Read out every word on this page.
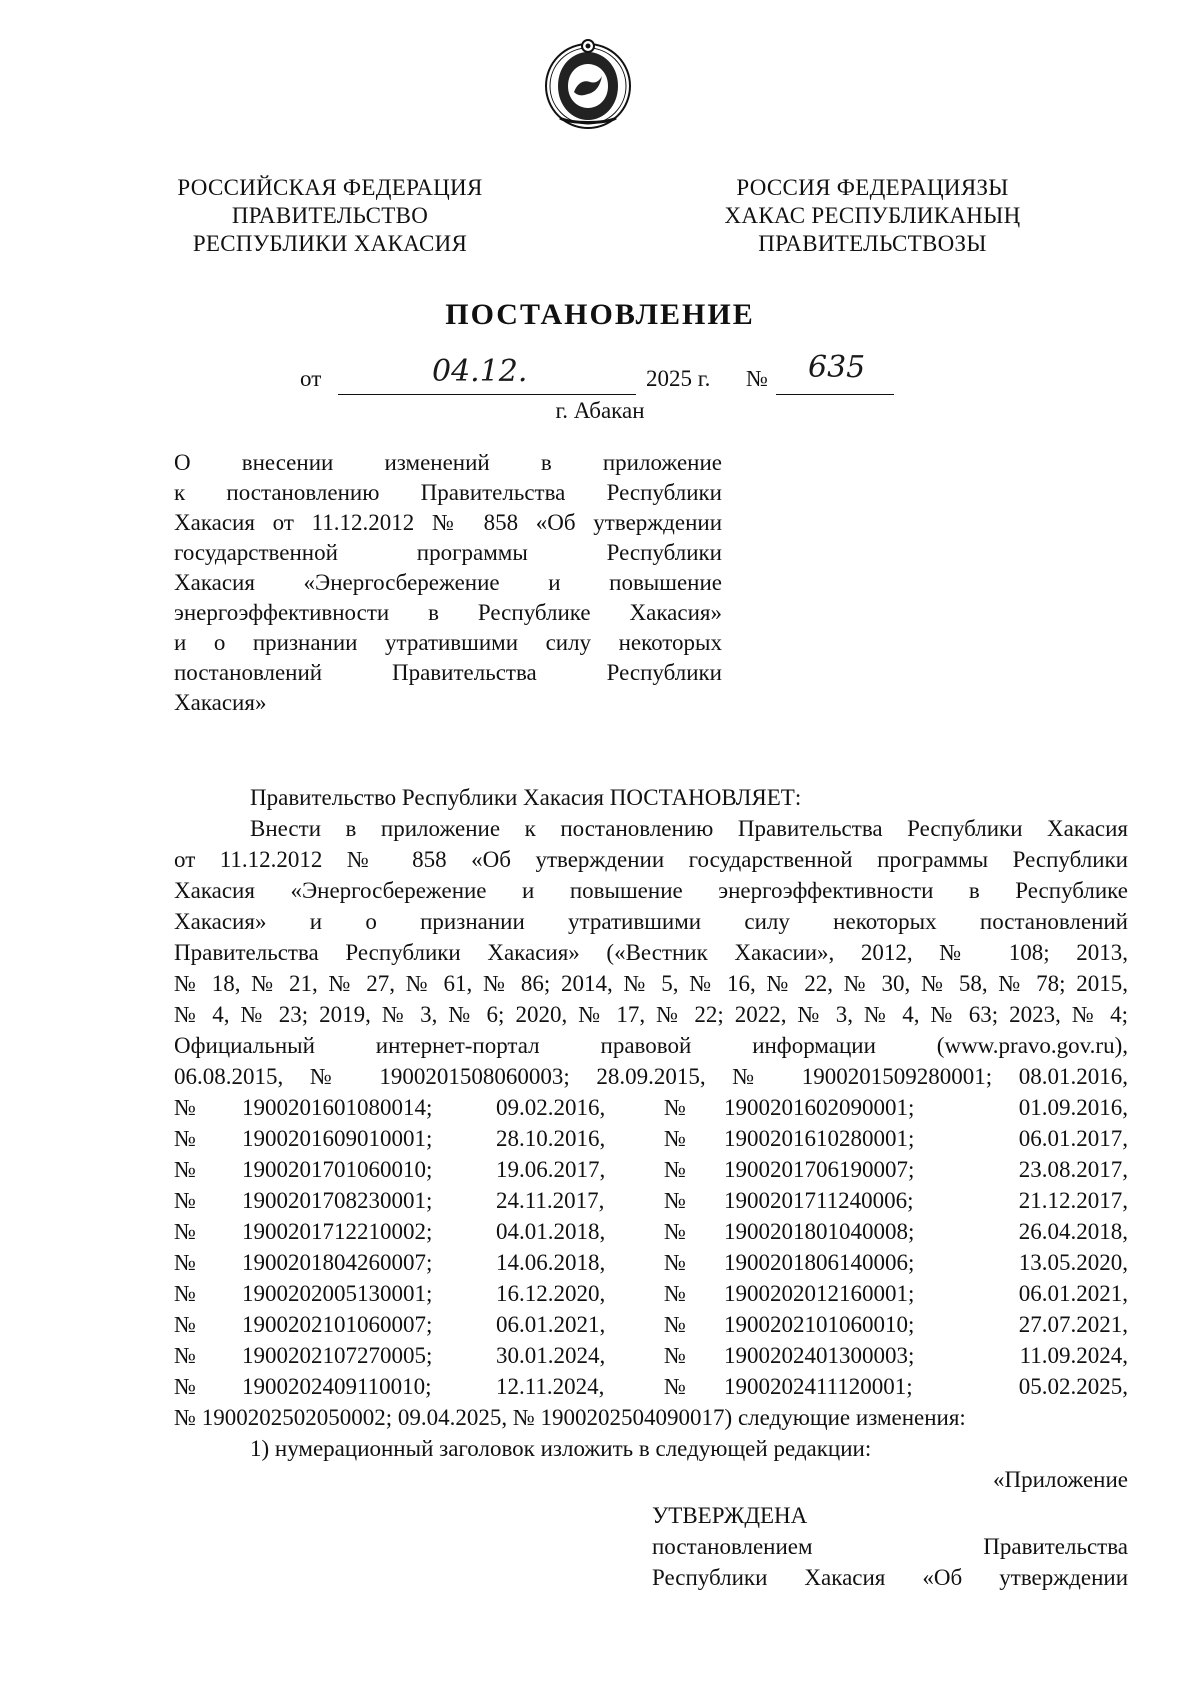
РОССИЙСКАЯ ФЕДЕРАЦИЯ
ПРАВИТЕЛЬСТВО
РЕСПУБЛИКИ ХАКАСИЯ
РОССИЯ ФЕДЕРАЦИЯЗЫ
ХАКАС РЕСПУБЛИКАНЫҢ
ПРАВИТЕЛЬСТВОЗЫ
ПОСТАНОВЛЕНИЕ
от	04.12.	2025 г. № 635
г. Абакан
О внесении изменений в приложение
к постановлению Правительства Республики
Хакасия от 11.12.2012 № 858 «Об утверждении
государственной программы Республики
Хакасия «Энергосбережение и повышение
энергоэффективности в Республике Хакасия»
и о признании утратившими силу некоторых
постановлений Правительства Республики
Хакасия»
Правительство Республики Хакасия ПОСТАНОВЛЯЕТ:
Внести в приложение к постановлению Правительства Республики Хакасия
от 11.12.2012 № 858 «Об утверждении государственной программы Республики
Хакасия «Энергосбережение и повышение энергоэффективности в Республике
Хакасия» и о признании утратившими силу некоторых постановлений
Правительства Республики Хакасия» («Вестник Хакасии», 2012, № 108; 2013,
№ 18, № 21, № 27, № 61, № 86; 2014, № 5, № 16, № 22, № 30, № 58, № 78; 2015,
№ 4, № 23; 2019, № 3, № 6; 2020, № 17, № 22; 2022, № 3, № 4, № 63; 2023, № 4;
Официальный интернет-портал правовой информации (www.pravo.gov.ru),
06.08.2015, № 1900201508060003; 28.09.2015, № 1900201509280001; 08.01.2016,
№	1900201601080014;	09.02.2016,	№	1900201602090001;	01.09.2016,
№	1900201609010001;	28.10.2016,	№	1900201610280001;	06.01.2017,
№	1900201701060010;	19.06.2017,	№	1900201706190007;	23.08.2017,
№	1900201708230001;	24.11.2017,	№	1900201711240006;	21.12.2017,
№	1900201712210002;	04.01.2018,	№	1900201801040008;	26.04.2018,
№	1900201804260007;	14.06.2018,	№	1900201806140006;	13.05.2020,
№	1900202005130001;	16.12.2020,	№	1900202012160001;	06.01.2021,
№	1900202101060007;	06.01.2021,	№	1900202101060010;	27.07.2021,
№	1900202107270005;	30.01.2024,	№	1900202401300003;	11.09.2024,
№	1900202409110010;	12.11.2024,	№	1900202411120001;	05.02.2025,
№ 1900202502050002; 09.04.2025, № 1900202504090017) следующие изменения:
1) нумерационный заголовок изложить в следующей редакции:
«Приложение
УТВЕРЖДЕНА
постановлением Правительства
Республики Хакасия «Об утверждении
